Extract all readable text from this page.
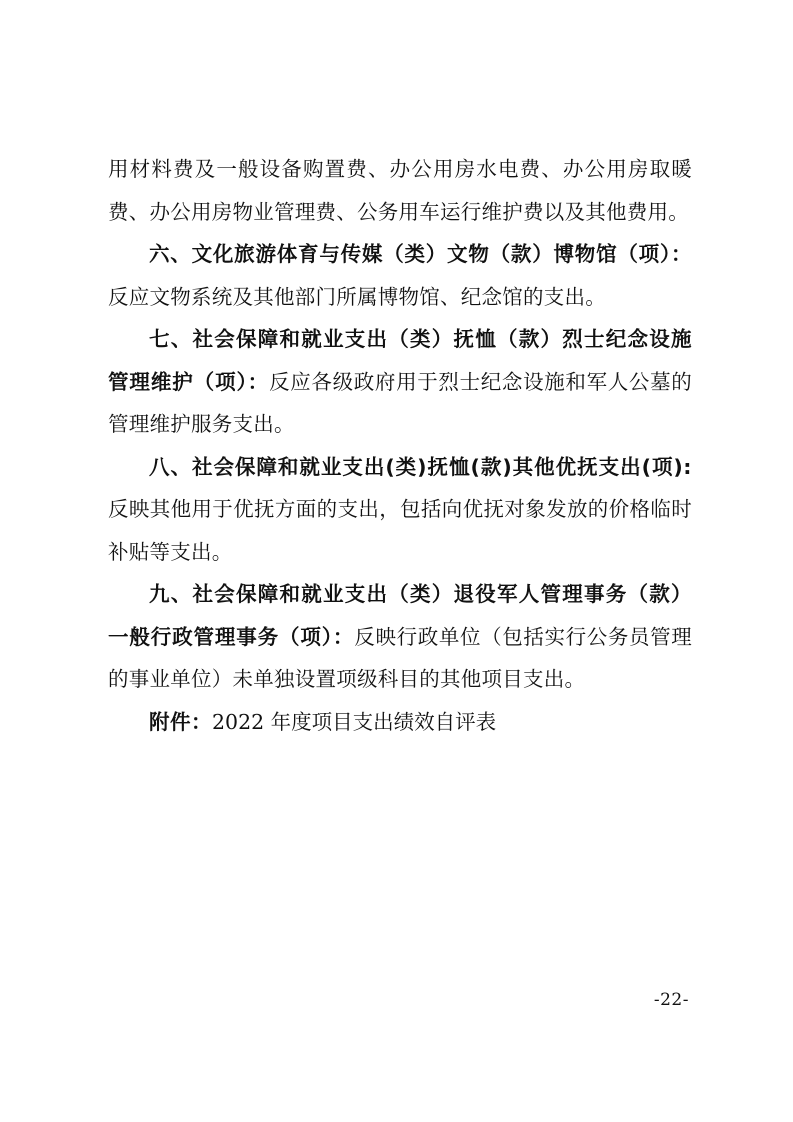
用材料费及一般设备购置费、办公用房水电费、办公用房取暖费、办公用房物业管理费、公务用车运行维护费以及其他费用。

六、文化旅游体育与传媒（类）文物（款）博物馆（项）：反应文物系统及其他部门所属博物馆、纪念馆的支出。

七、社会保障和就业支出（类）抚恤（款）烈士纪念设施管理维护（项）：反应各级政府用于烈士纪念设施和军人公墓的管理维护服务支出。

八、社会保障和就业支出(类)抚恤(款)其他优抚支出(项):反映其他用于优抚方面的支出，包括向优抚对象发放的价格临时补贴等支出。

九、社会保障和就业支出（类）退役军人管理事务（款）一般行政管理事务（项）：反映行政单位（包括实行公务员管理的事业单位）未单独设置项级科目的其他项目支出。

附件：2022 年度项目支出绩效自评表

-22-
